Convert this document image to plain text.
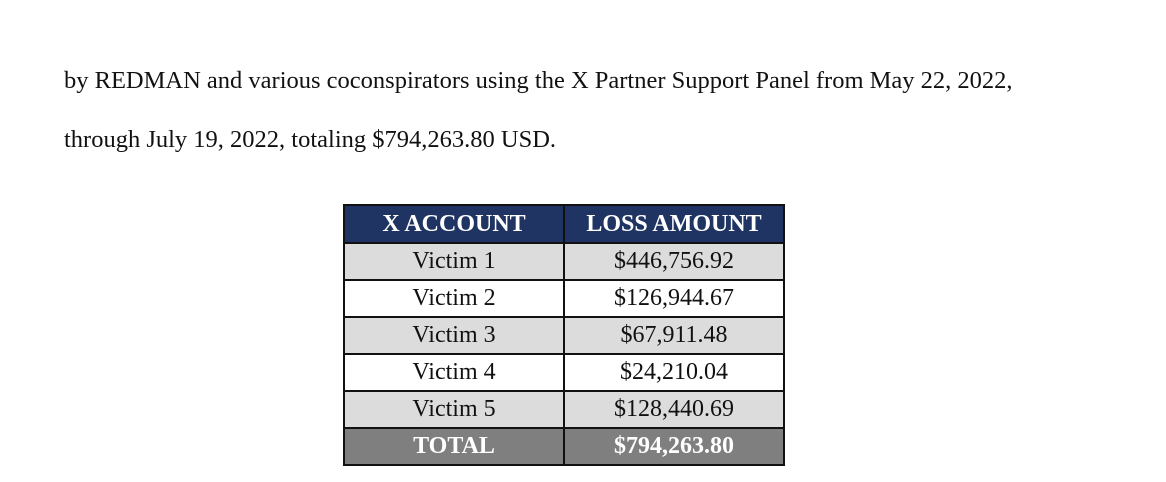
by REDMAN and various coconspirators using the X Partner Support Panel from May 22, 2022,
through July 19, 2022, totaling $794,263.80 USD.
X ACCOUNT	LOSS AMOUNT
Victim 1	$446,756.92
Victim 2	$126,944.67
Victim 3	$67,911.48
Victim 4	$24,210.04
Victim 5	$128,440.69
TOTAL	$794,263.80
